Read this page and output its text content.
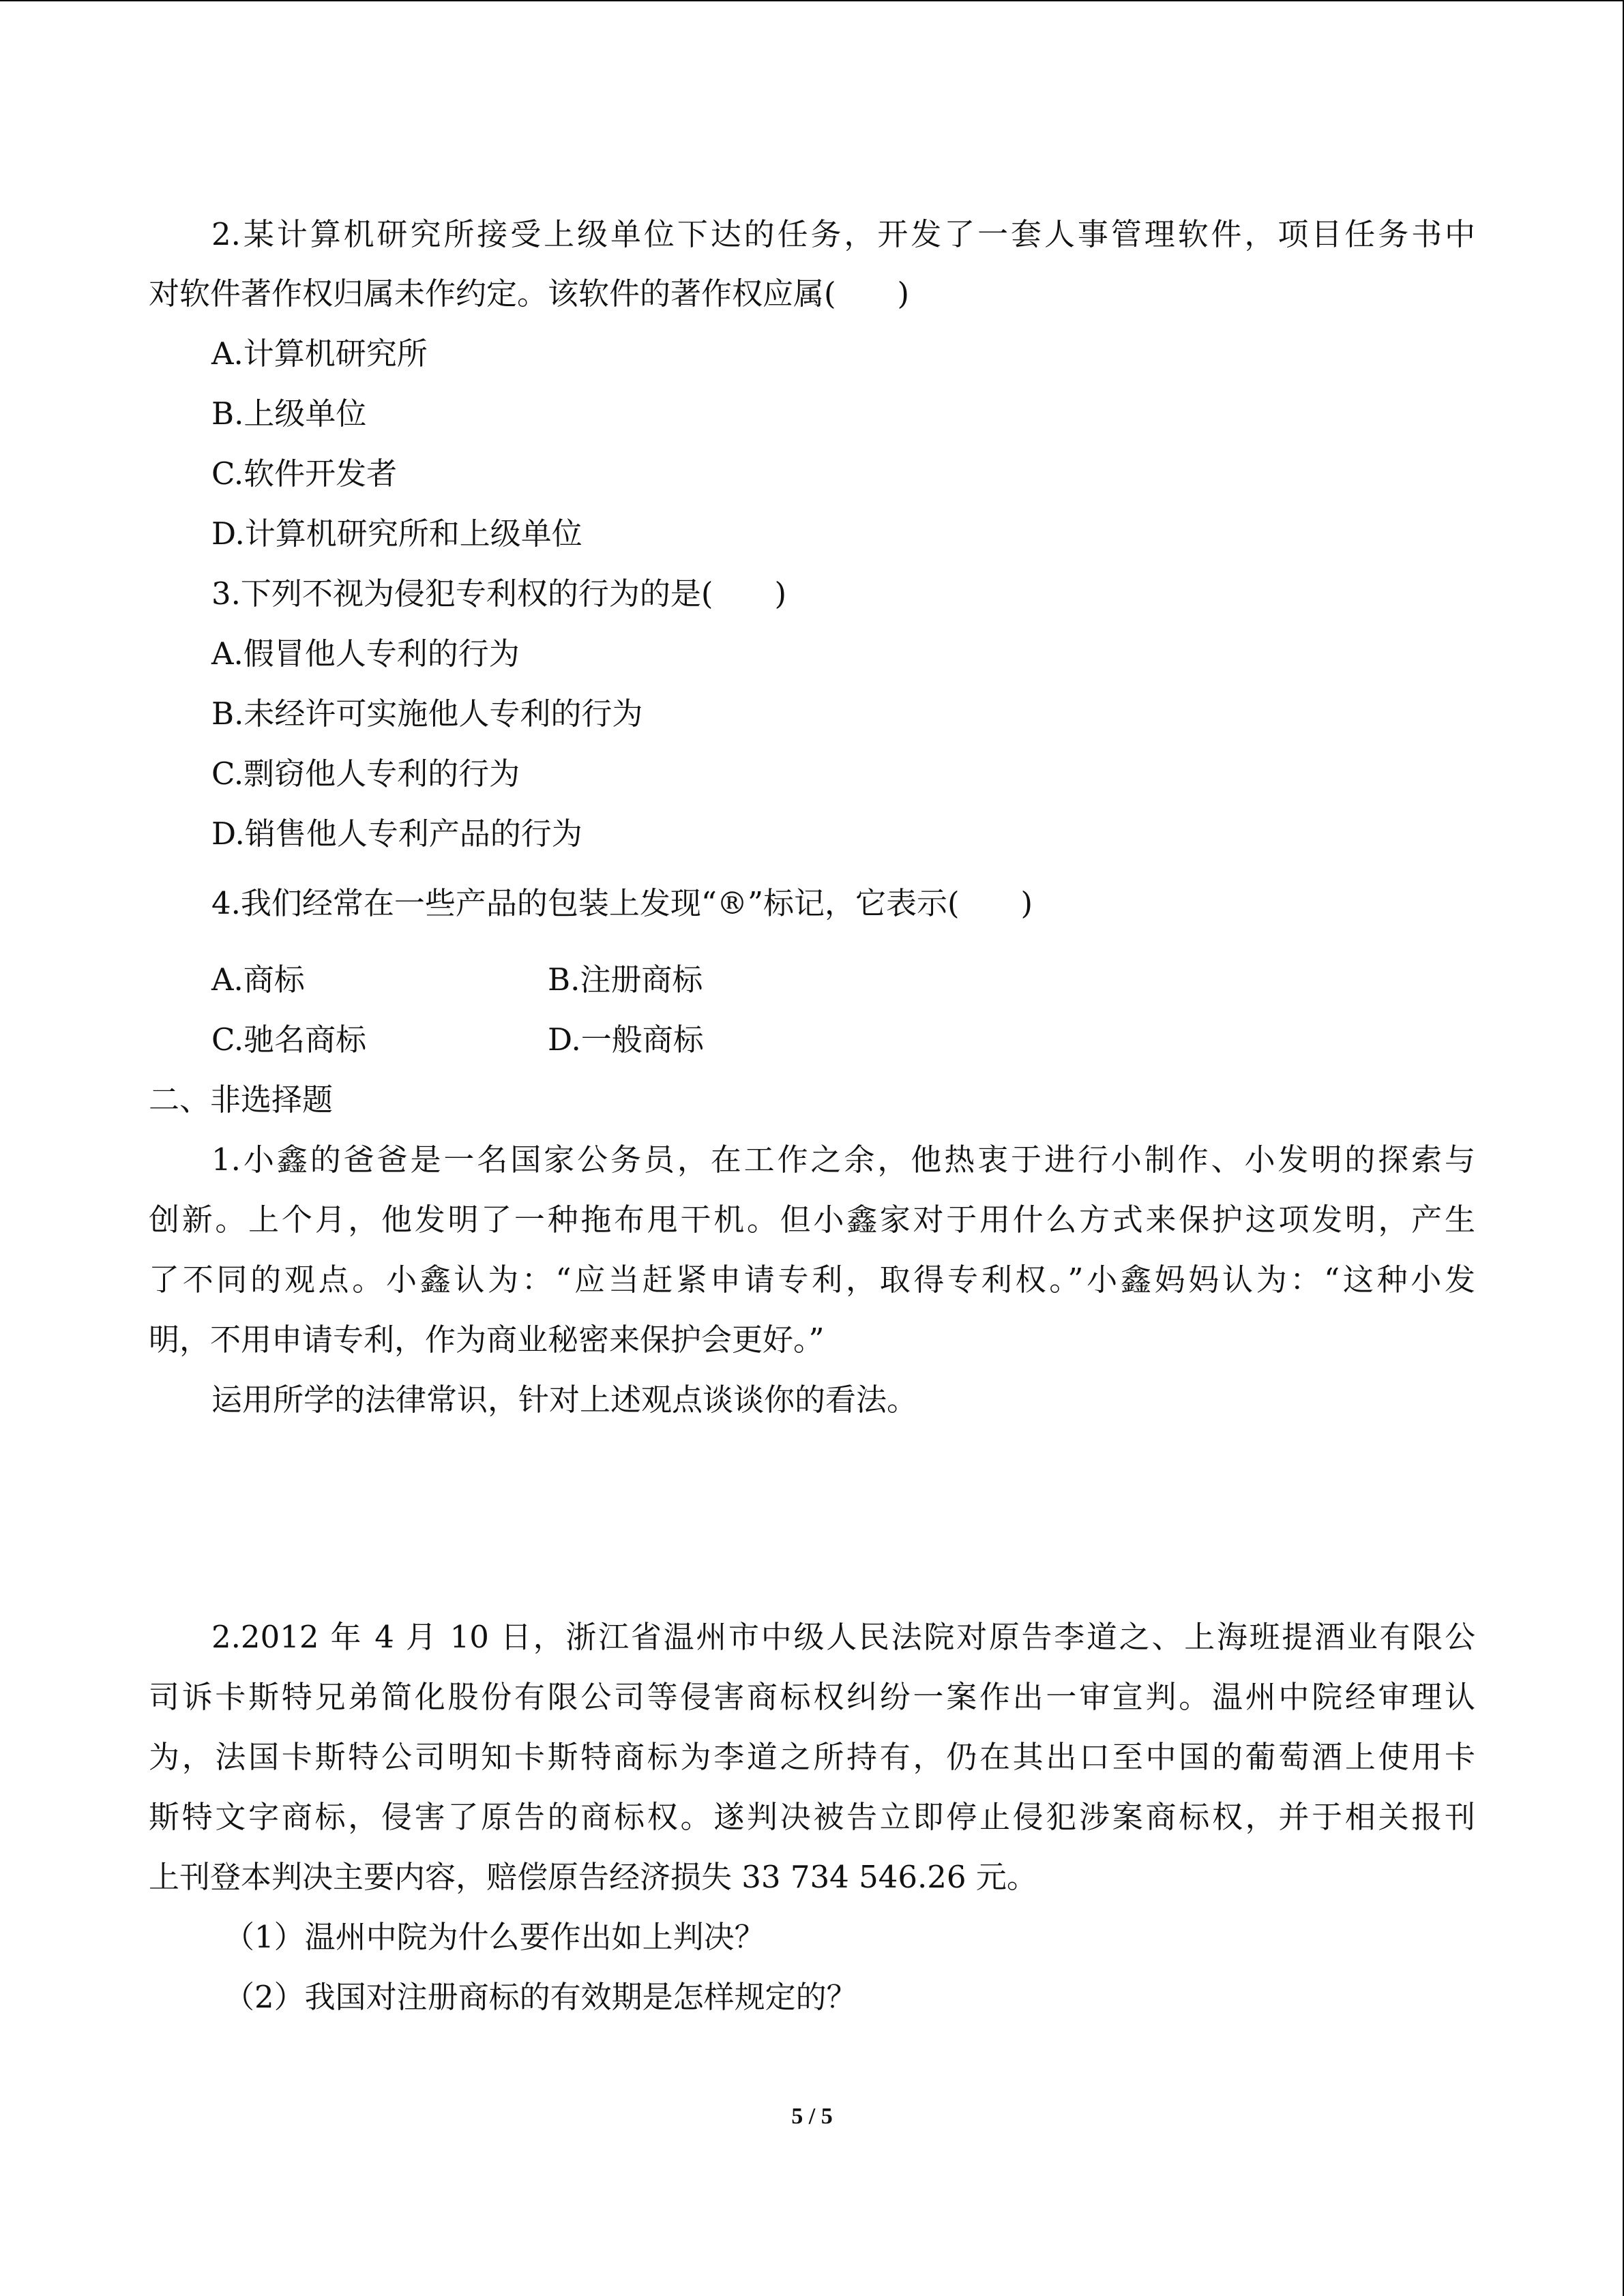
2.某计算机研究所接受上级单位下达的任务，开发了一套人事管理软件，项目任务书中
对软件著作权归属未作约定。该软件的著作权应属(　　)
A.计算机研究所
B.上级单位
C.软件开发者
D.计算机研究所和上级单位
3.下列不视为侵犯专利权的行为的是(　　)
A.假冒他人专利的行为
B.未经许可实施他人专利的行为
C.剽窃他人专利的行为
D.销售他人专利产品的行为
4.我们经常在一些产品的包装上发现“®”标记，它表示(　　)
A.商标	B.注册商标
C.驰名商标	D.一般商标
二、非选择题
1.小鑫的爸爸是一名国家公务员，在工作之余，他热衷于进行小制作、小发明的探索与
创新。上个月，他发明了一种拖布甩干机。但小鑫家对于用什么方式来保护这项发明，产生
了不同的观点。小鑫认为：“应当赶紧申请专利，取得专利权。”小鑫妈妈认为：“这种小发
明，不用申请专利，作为商业秘密来保护会更好。”
运用所学的法律常识，针对上述观点谈谈你的看法。
2.2012 年 4 月 10 日，浙江省温州市中级人民法院对原告李道之、上海班提酒业有限公
司诉卡斯特兄弟简化股份有限公司等侵害商标权纠纷一案作出一审宣判。温州中院经审理认
为，法国卡斯特公司明知卡斯特商标为李道之所持有，仍在其出口至中国的葡萄酒上使用卡
斯特文字商标，侵害了原告的商标权。遂判决被告立即停止侵犯涉案商标权，并于相关报刊
上刊登本判决主要内容，赔偿原告经济损失 33 734 546.26 元。
（1）温州中院为什么要作出如上判决？
（2）我国对注册商标的有效期是怎样规定的？
5 / 5
